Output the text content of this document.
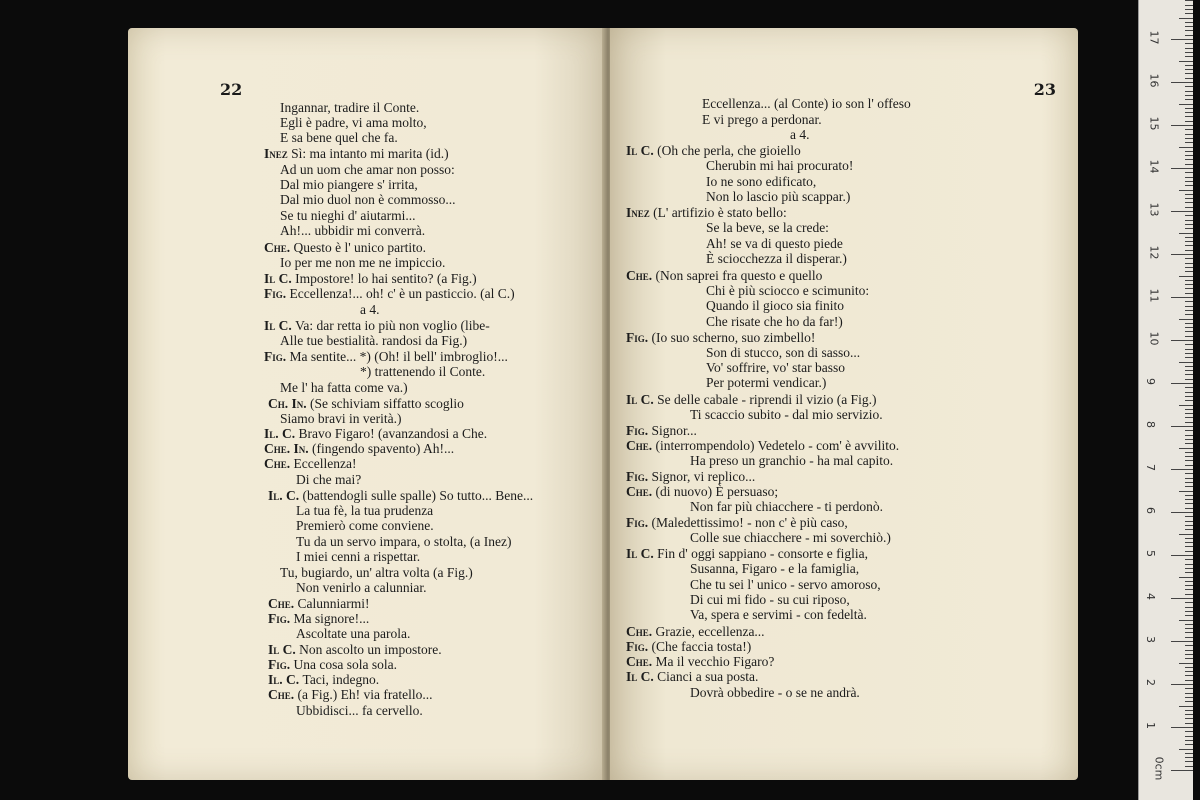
22
Ingannar, tradire il Conte.
Egli è padre, vi ama molto,
E sa bene quel che fa.
Inez Sì: ma intanto mi marita (id.)
Ad un uom che amar non posso:
Dal mio piangere s' irrita,
Dal mio duol non è commosso...
Se tu nieghi d' aiutarmi...
Ah!... ubbidir mi converrà.
Che. Questo è l' unico partito.
Io per me non me ne impiccio.
Il C. Impostore! lo hai sentito? (a Fig.)
Fig. Eccellenza!... oh! c' è un pasticcio. (al C.)
a 4.
Il C. Va: dar retta io più non voglio (libe-
Alle tue bestialità. randosi da Fig.)
Fig. Ma sentite... *) (Oh! il bell' imbroglio!...
*) trattenendo il Conte.
Me l' ha fatta come va.)
Ch. In. (Se schiviam siffatto scoglio
Siamo bravi in verità.)
Il. C. Bravo Figaro! (avanzandosi a Che.
Che. In. (fingendo spavento) Ah!...
Che. Eccellenza!
Di che mai?
Il. C. (battendogli sulle spalle) So tutto... Bene...
La tua fè, la tua prudenza
Premierò come conviene.
Tu da un servo impara, o stolta, (a Inez)
I miei cenni a rispettar.
Tu, bugiardo, un' altra volta (a Fig.)
Non venirlo a calunniar.
Che. Calunniarmi!
Fig. Ma signore!...
Ascoltate una parola.
Il C. Non ascolto un impostore.
Fig. Una cosa sola sola.
Il. C. Taci, indegno.
Che. (a Fig.) Eh! via fratello...
Ubbidisci... fa cervello.
23
Eccellenza... (al Conte) io son l' offeso
E vi prego a perdonar.
a 4.
Il C. (Oh che perla, che gioiello
Cherubin mi hai procurato!
Io ne sono edificato,
Non lo lascio più scappar.)
Inez (L' artifizio è stato bello:
Se la beve, se la crede:
Ah! se va di questo piede
È sciocchezza il disperar.)
Che. (Non saprei fra questo e quello
Chi è più sciocco e scimunito:
Quando il gioco sia finito
Che risate che ho da far!)
Fig. (Io suo scherno, suo zimbello!
Son di stucco, son di sasso...
Vo' soffrire, vo' star basso
Per potermi vendicar.)
Il C. Se delle cabale - riprendi il vizio (a Fig.)
Ti scaccio subito - dal mio servizio.
Fig. Signor...
Che. (interrompendolo) Vedetelo - com' è avvilito.
Ha preso un granchio - ha mal capito.
Fig. Signor, vi replico...
Che. (di nuovo) È persuaso;
Non far più chiacchere - ti perdonò.
Fig. (Maledettissimo! - non c' è più caso,
Colle sue chiacchere - mi soverchiò.)
Il C. Fin d' oggi sappiano - consorte e figlia,
Susanna, Figaro - e la famiglia,
Che tu sei l' unico - servo amoroso,
Di cui mi fido - su cui riposo,
Va, spera e servimi - con fedeltà.
Che. Grazie, eccellenza...
Fig. (Che faccia tosta!)
Che. Ma il vecchio Figaro?
Il C. Cianci a sua posta.
Dovrà obbedire - o se ne andrà.
0cm
1
2
3
4
5
6
7
8
9
10
11
12
13
14
15
16
17
